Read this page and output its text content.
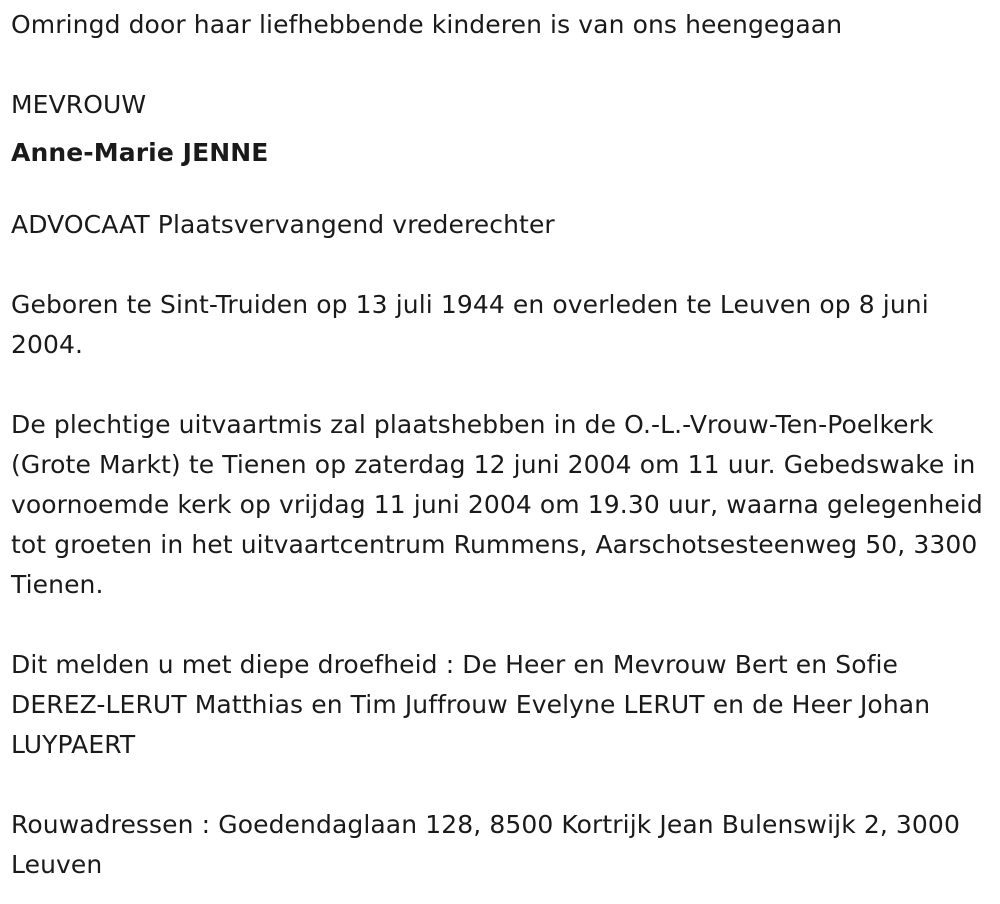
Omringd door haar liefhebbende kinderen is van ons heengegaan

MEVROUW

Anne-Marie JENNE

ADVOCAAT Plaatsvervangend vrederechter

Geboren te Sint-Truiden op 13 juli 1944 en overleden te Leuven op 8 juni 2004.

De plechtige uitvaartmis zal plaatshebben in de O.-L.-Vrouw-Ten-Poelkerk (Grote Markt) te Tienen op zaterdag 12 juni 2004 om 11 uur. Gebedswake in voornoemde kerk op vrijdag 11 juni 2004 om 19.30 uur, waarna gelegenheid tot groeten in het uitvaartcentrum Rummens, Aarschotsesteenweg 50, 3300 Tienen.

Dit melden u met diepe droefheid : De Heer en Mevrouw Bert en Sofie DEREZ-LERUT Matthias en Tim Juffrouw Evelyne LERUT en de Heer Johan LUYPAERT

Rouwadressen : Goedendaglaan 128, 8500 Kortrijk Jean Bulenswijk 2, 3000 Leuven
